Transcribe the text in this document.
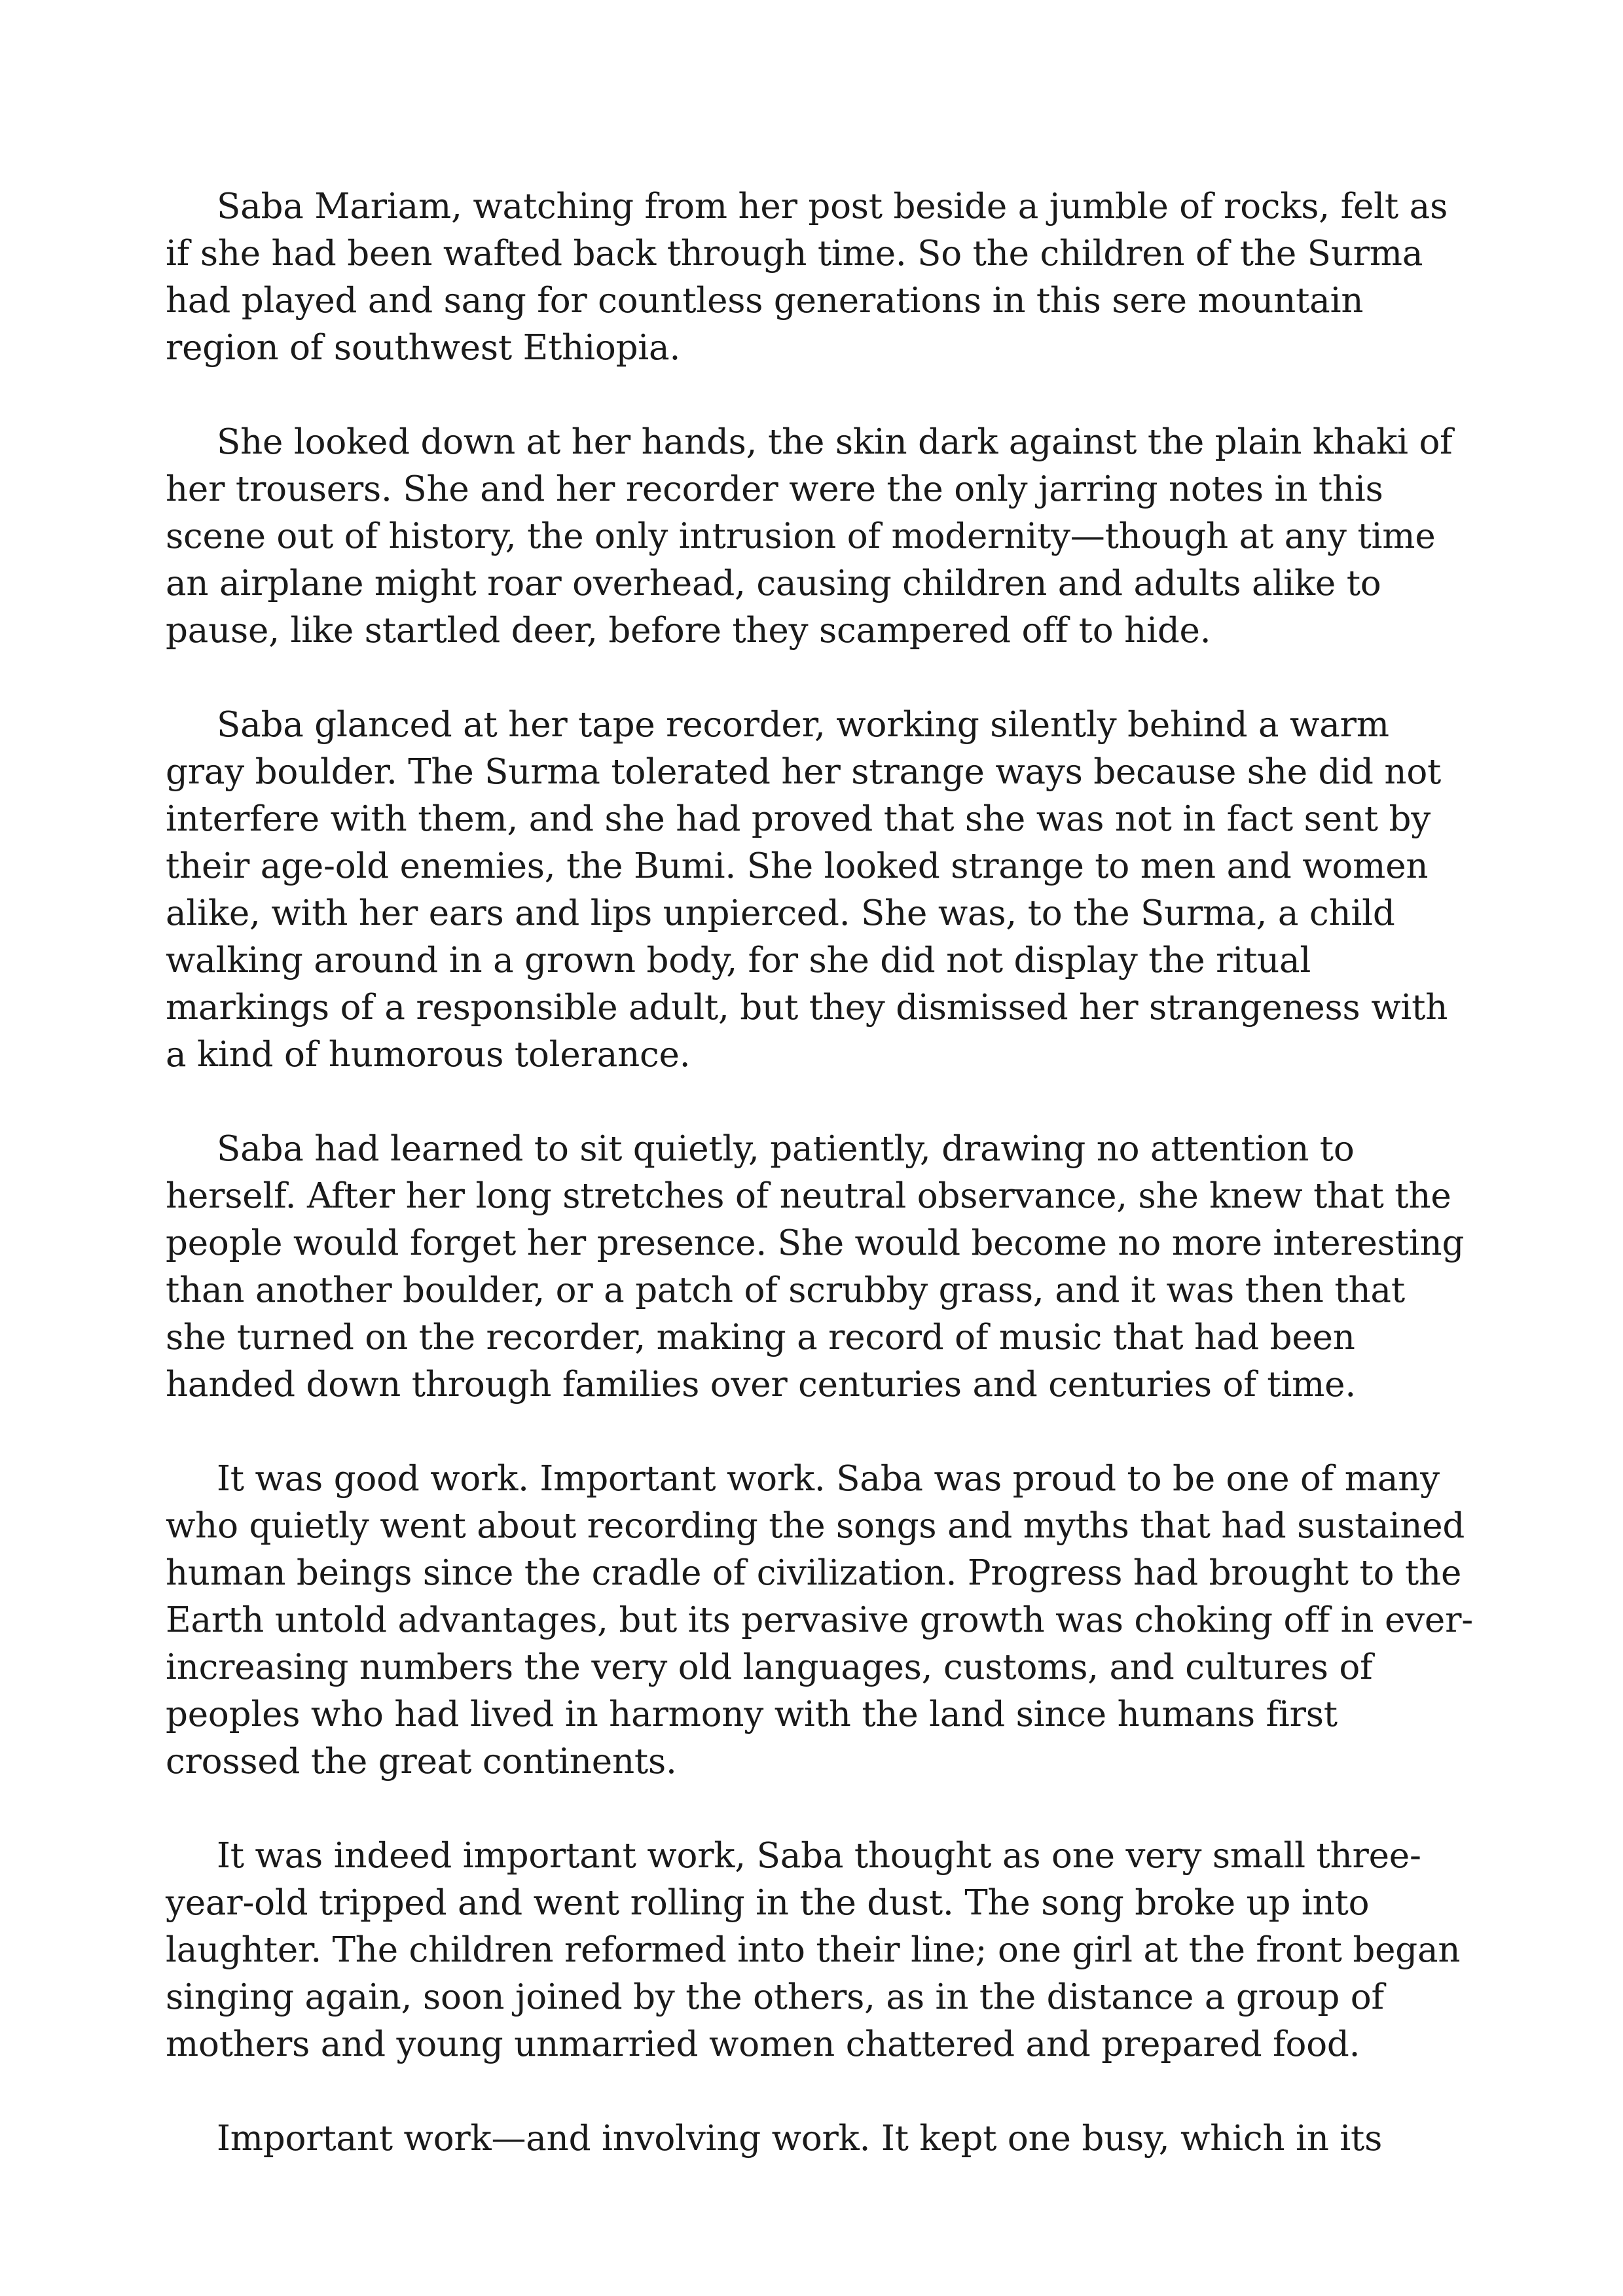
Saba Mariam, watching from her post beside a jumble of rocks, felt as if she had been wafted back through time. So the children of the Surma had played and sang for countless generations in this sere mountain region of southwest Ethiopia.

She looked down at her hands, the skin dark against the plain khaki of her trousers. She and her recorder were the only jarring notes in this scene out of history, the only intrusion of modernity—though at any time an airplane might roar overhead, causing children and adults alike to pause, like startled deer, before they scampered off to hide.

Saba glanced at her tape recorder, working silently behind a warm gray boulder. The Surma tolerated her strange ways because she did not interfere with them, and she had proved that she was not in fact sent by their age-old enemies, the Bumi. She looked strange to men and women alike, with her ears and lips unpierced. She was, to the Surma, a child walking around in a grown body, for she did not display the ritual markings of a responsible adult, but they dismissed her strangeness with a kind of humorous tolerance.

Saba had learned to sit quietly, patiently, drawing no attention to herself. After her long stretches of neutral observance, she knew that the people would forget her presence. She would become no more interesting than another boulder, or a patch of scrubby grass, and it was then that she turned on the recorder, making a record of music that had been handed down through families over centuries and centuries of time.

It was good work. Important work. Saba was proud to be one of many who quietly went about recording the songs and myths that had sustained human beings since the cradle of civilization. Progress had brought to the Earth untold advantages, but its pervasive growth was choking off in ever-increasing numbers the very old languages, customs, and cultures of peoples who had lived in harmony with the land since humans first crossed the great continents.

It was indeed important work, Saba thought as one very small three-year-old tripped and went rolling in the dust. The song broke up into laughter. The children reformed into their line; one girl at the front began singing again, soon joined by the others, as in the distance a group of mothers and young unmarried women chattered and prepared food.

Important work—and involving work. It kept one busy, which in its
